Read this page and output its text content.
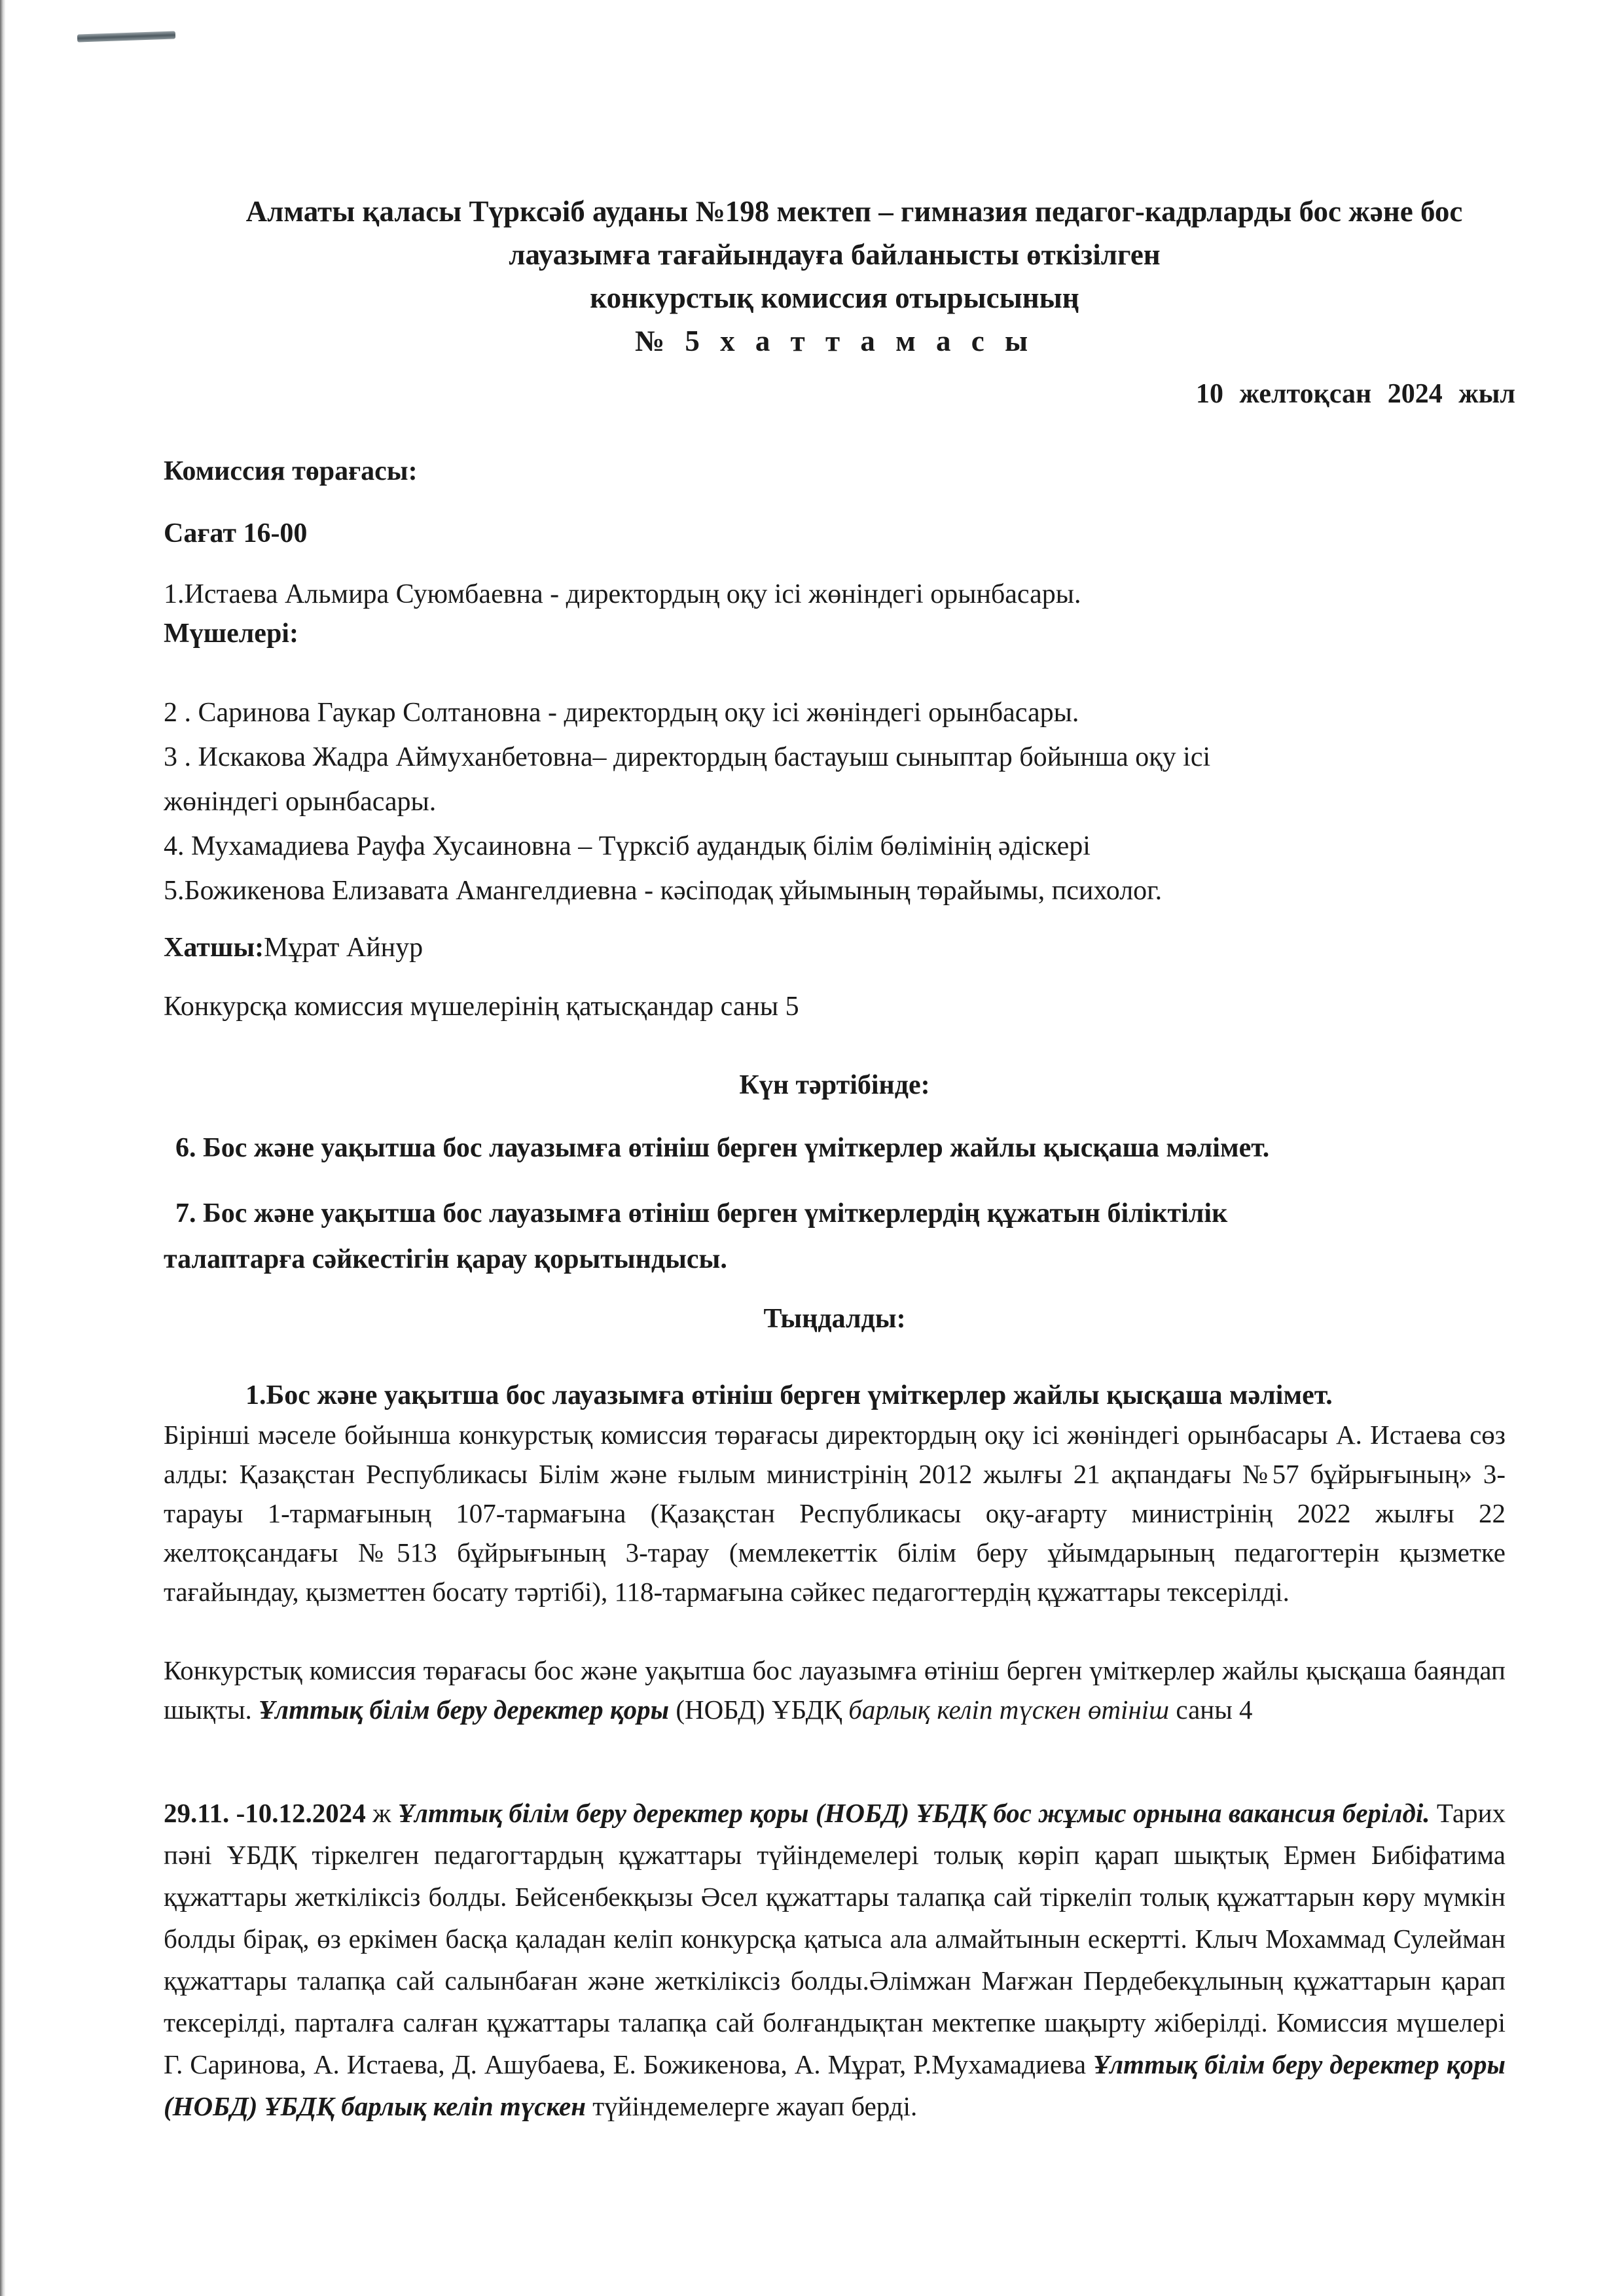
Алматы қаласы Түрксәіб ауданы №198 мектеп – гимназия педагог-кадрларды бос және бос
лауазымға тағайындауға байланысты өткізілген
конкурстық комиссия отырысының
№ 5 х а т т а м а с ы
10 желтоқсан 2024 жыл
Комиссия төрағасы:
Сағат 16-00
1.Истаева Альмира Суюмбаевна - директордың оқу ісі жөніндегі орынбасары.
Мүшелері:
2 . Саринова Гаукар Солтановна - директордың оқу ісі жөніндегі орынбасары.
3 . Искакова Жадра Аймуханбетовна– директордың бастауыш сыныптар бойынша оқу ісі
жөніндегі орынбасары.
4. Мухамадиева Рауфа Хусаиновна – Түрксіб аудандық білім бөлімінің әдіскері
5.Божикенова Елизавата Амангелдиевна - кәсіподақ ұйымының төрайымы, психолог.
Хатшы:Мұрат Айнур
Конкурсқа комиссия мүшелерінің қатысқандар саны 5
Күн тәртібінде:
6. Бос және уақытша бос лауазымға өтініш берген үміткерлер жайлы қысқаша мәлімет.
7. Бос және уақытша бос лауазымға өтініш берген үміткерлердің құжатын біліктілік
талаптарға сәйкестігін қарау қорытындысы.
Тыңдалды:
1.Бос және уақытша бос лауазымға өтініш берген үміткерлер жайлы қысқаша мәлімет.
Бірінші мәселе бойынша конкурстық комиссия төрағасы директордың оқу ісі жөніндегі орынбасары А. Истаева сөз алды: Қазақстан Республикасы Білім және ғылым министрінің 2012 жылғы 21 ақпандағы №57 бұйрығының» 3-тарауы 1-тармағының 107-тармағына (Қазақстан Республикасы оқу-ағарту министрінің 2022 жылғы 22 желтоқсандағы №513 бұйрығының 3-тарау (мемлекеттік білім беру ұйымдарының педагогтерін қызметке тағайындау, қызметтен босату тәртібі), 118-тармағына сәйкес педагогтердің құжаттары тексерілді.
Конкурстық комиссия төрағасы бос және уақытша бос лауазымға өтініш берген үміткерлер жайлы қысқаша баяндап шықты. Ұлттық білім беру деректер қоры (НОБД) ҰБДҚ барлық келіп түскен өтініш саны 4
29.11. -10.12.2024 ж Ұлттық білім беру деректер қоры (НОБД) ҰБДҚ бос жұмыс орнына вакансия берілді. Тарих пәні ҰБДҚ тіркелген педагогтардың құжаттары түйіндемелері толық көріп қарап шықтық Ермен Бибіфатима құжаттары жеткіліксіз болды. Бейсенбекқызы Әсел құжаттары талапқа сай тіркеліп толық құжаттарын көру мүмкін болды бірақ, өз еркімен басқа қаладан келіп конкурсқа қатыса ала алмайтынын ескертті. Клыч Мохаммад Сулейман құжаттары талапқа сай салынбаған және жеткіліксіз болды.Әлімжан Мағжан Пердебекұлының құжаттарын қарап тексерілді, парталға салған құжаттары талапқа сай болғандықтан мектепке шақырту жіберілді. Комиссия мүшелері Г. Саринова, А. Истаева, Д. Ашубаева, Е. Божикенова, А. Мұрат, Р.Мухамадиева Ұлттық білім беру деректер қоры (НОБД) ҰБДҚ барлық келіп түскен түйіндемелерге жауап берді.
